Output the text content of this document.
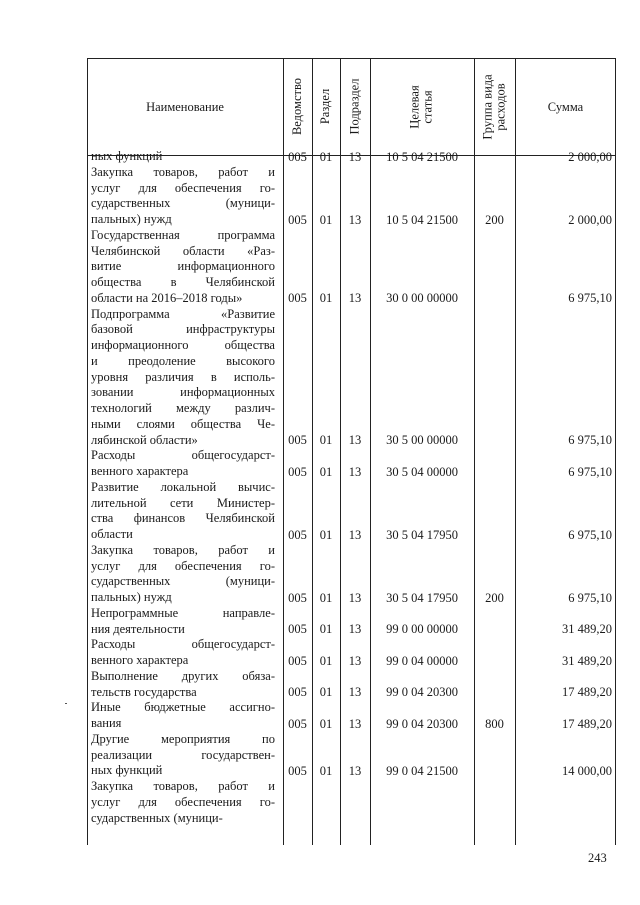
Наименование	Ведомство Раздел Подраздел	Целевая статья	Группа вида расходов	Сумма
ных функций	005	01	13	10 5 04 21500	2 000,00
Закупка товаров, работ и
услуг для обеспечения го-
сударственных (муници-
пальных) нужд	005	01	13	10 5 04 21500	200	2 000,00
Государственная программа
Челябинской области «Раз-
витие информационного
общества в Челябинской
области на 2016–2018 годы»	005	01	13	30 0 00 00000	6 975,10
Подпрограмма «Развитие
базовой инфраструктуры
информационного общества
и преодоление высокого
уровня различия в исполь-
зовании информационных
технологий между различ-
ными слоями общества Че-
лябинской области»	005	01	13	30 5 00 00000	6 975,10
Расходы общегосударст-
венного характера	005	01	13	30 5 04 00000	6 975,10
Развитие локальной вычис-
лительной сети Министер-
ства финансов Челябинской
области	005	01	13	30 5 04 17950	6 975,10
Закупка товаров, работ и
услуг для обеспечения го-
сударственных (муници-
пальных) нужд	005	01	13	30 5 04 17950	200	6 975,10
Непрограммные направле-
ния деятельности	005	01	13	99 0 00 00000	31 489,20
Расходы общегосударст-
венного характера	005	01	13	99 0 04 00000	31 489,20
Выполнение других обяза-
тельств государства	005	01	13	99 0 04 20300	17 489,20
Иные бюджетные ассигно-
вания	005	01	13	99 0 04 20300	800	17 489,20
Другие мероприятия по
реализации государствен-
ных функций	005	01	13	99 0 04 21500	14 000,00
Закупка товаров, работ и
услуг для обеспечения го-
сударственных (муници-
243
